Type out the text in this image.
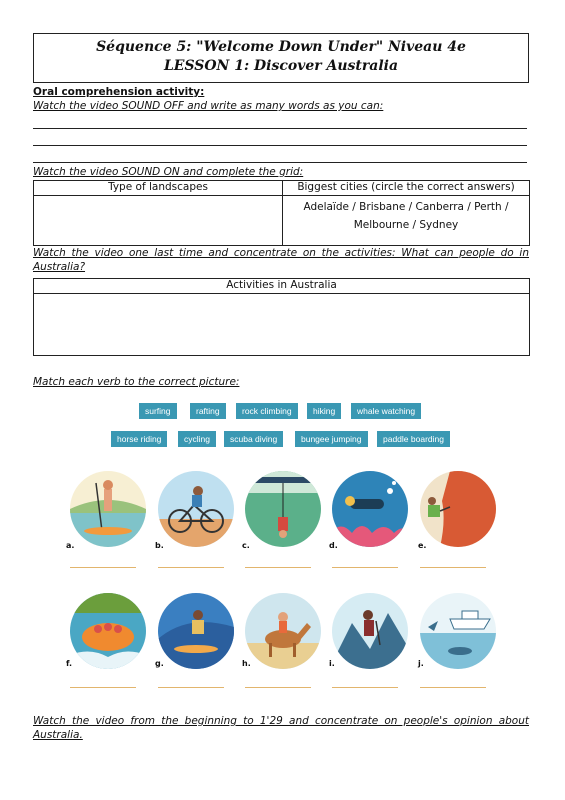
Séquence 5: "Welcome Down Under" Niveau 4e
LESSON 1: Discover Australia
Oral comprehension activity:
Watch the video SOUND OFF and write as many words as you can:
Watch the video SOUND ON and complete the grid:
Type of landscapes	Biggest cities (circle the correct answers)
	Adelaïde / Brisbane / Canberra / Perth / Melbourne / Sydney
Watch the video one last time and concentrate on the activities: What can people do in Australia?
Activities in Australia

Match each verb to the correct picture:
surfing	rafting	rock climbing	hiking	whale watching
horse riding	cycling	scuba diving	bungee jumping	paddle boarding
a.	b.	c.	d.	e.
f.	g.	h.	i.	j.
Watch the video from the beginning to 1'29 and concentrate on people's opinion about Australia.
